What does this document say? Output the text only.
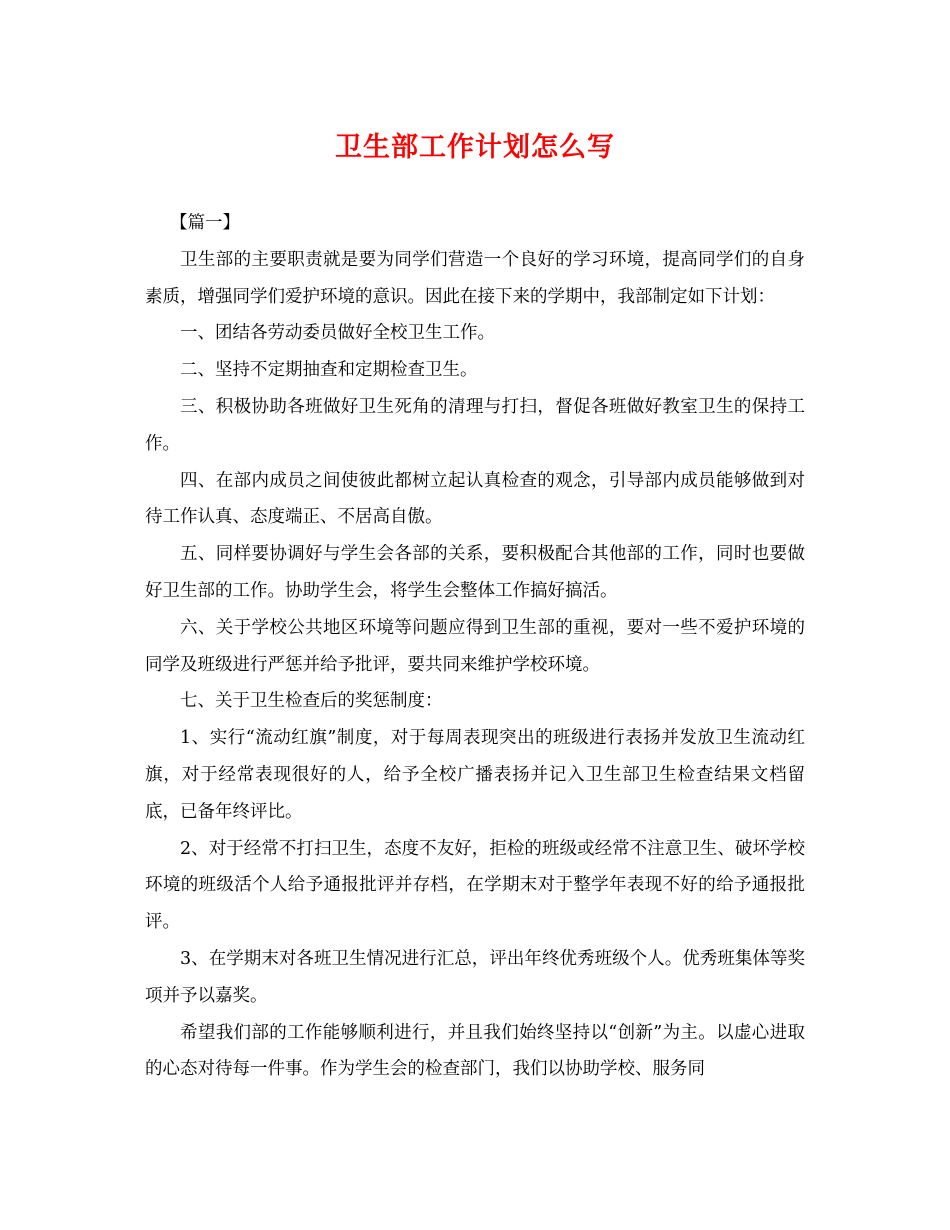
卫生部工作计划怎么写

【篇一】

卫生部的主要职责就是要为同学们营造一个良好的学习环境，提高同学们的自身素质，增强同学们爱护环境的意识。因此在接下来的学期中，我部制定如下计划：

一、团结各劳动委员做好全校卫生工作。

二、坚持不定期抽查和定期检查卫生。

三、积极协助各班做好卫生死角的清理与打扫，督促各班做好教室卫生的保持工作。

四、在部内成员之间使彼此都树立起认真检查的观念，引导部内成员能够做到对待工作认真、态度端正、不居高自傲。

五、同样要协调好与学生会各部的关系，要积极配合其他部的工作，同时也要做好卫生部的工作。协助学生会，将学生会整体工作搞好搞活。

六、关于学校公共地区环境等问题应得到卫生部的重视，要对一些不爱护环境的同学及班级进行严惩并给予批评，要共同来维护学校环境。

七、关于卫生检查后的奖惩制度：

1、实行“流动红旗”制度，对于每周表现突出的班级进行表扬并发放卫生流动红旗，对于经常表现很好的人，给予全校广播表扬并记入卫生部卫生检查结果文档留底，已备年终评比。

2、对于经常不打扫卫生，态度不友好，拒检的班级或经常不注意卫生、破坏学校环境的班级活个人给予通报批评并存档，在学期末对于整学年表现不好的给予通报批评。

3、在学期末对各班卫生情况进行汇总，评出年终优秀班级个人。优秀班集体等奖项并予以嘉奖。

希望我们部的工作能够顺利进行，并且我们始终坚持以“创新”为主。以虚心进取的心态对待每一件事。作为学生会的检查部门，我们以协助学校、服务同
